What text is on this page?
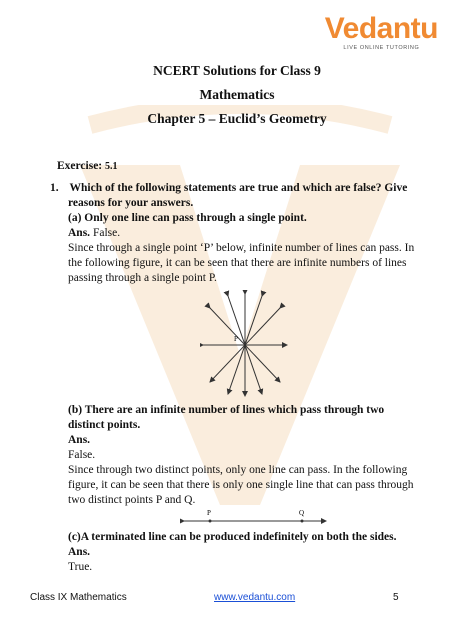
Vedantu
LIVE ONLINE TUTORING
NCERT Solutions for Class 9
Mathematics
Chapter 5 – Euclid’s Geometry
Exercise: 5.1
1. Which of the following statements are true and which are false? Give
reasons for your answers.
(a) Only one line can pass through a single point.
Ans. False.
Since through a single point ‘P’ below, infinite number of lines can pass. In
the following figure, it can be seen that there are infinite numbers of lines
passing through a single point P.
P
(b) There are an infinite number of lines which pass through two
distinct points.
Ans.
False.
Since through two distinct points, only one line can pass. In the following
figure, it can be seen that there is only one single line that can pass through
two distinct points P and Q.
P	Q
(c)A terminated line can be produced indefinitely on both the sides.
Ans.
True.
Class IX Mathematics	www.vedantu.com	5
